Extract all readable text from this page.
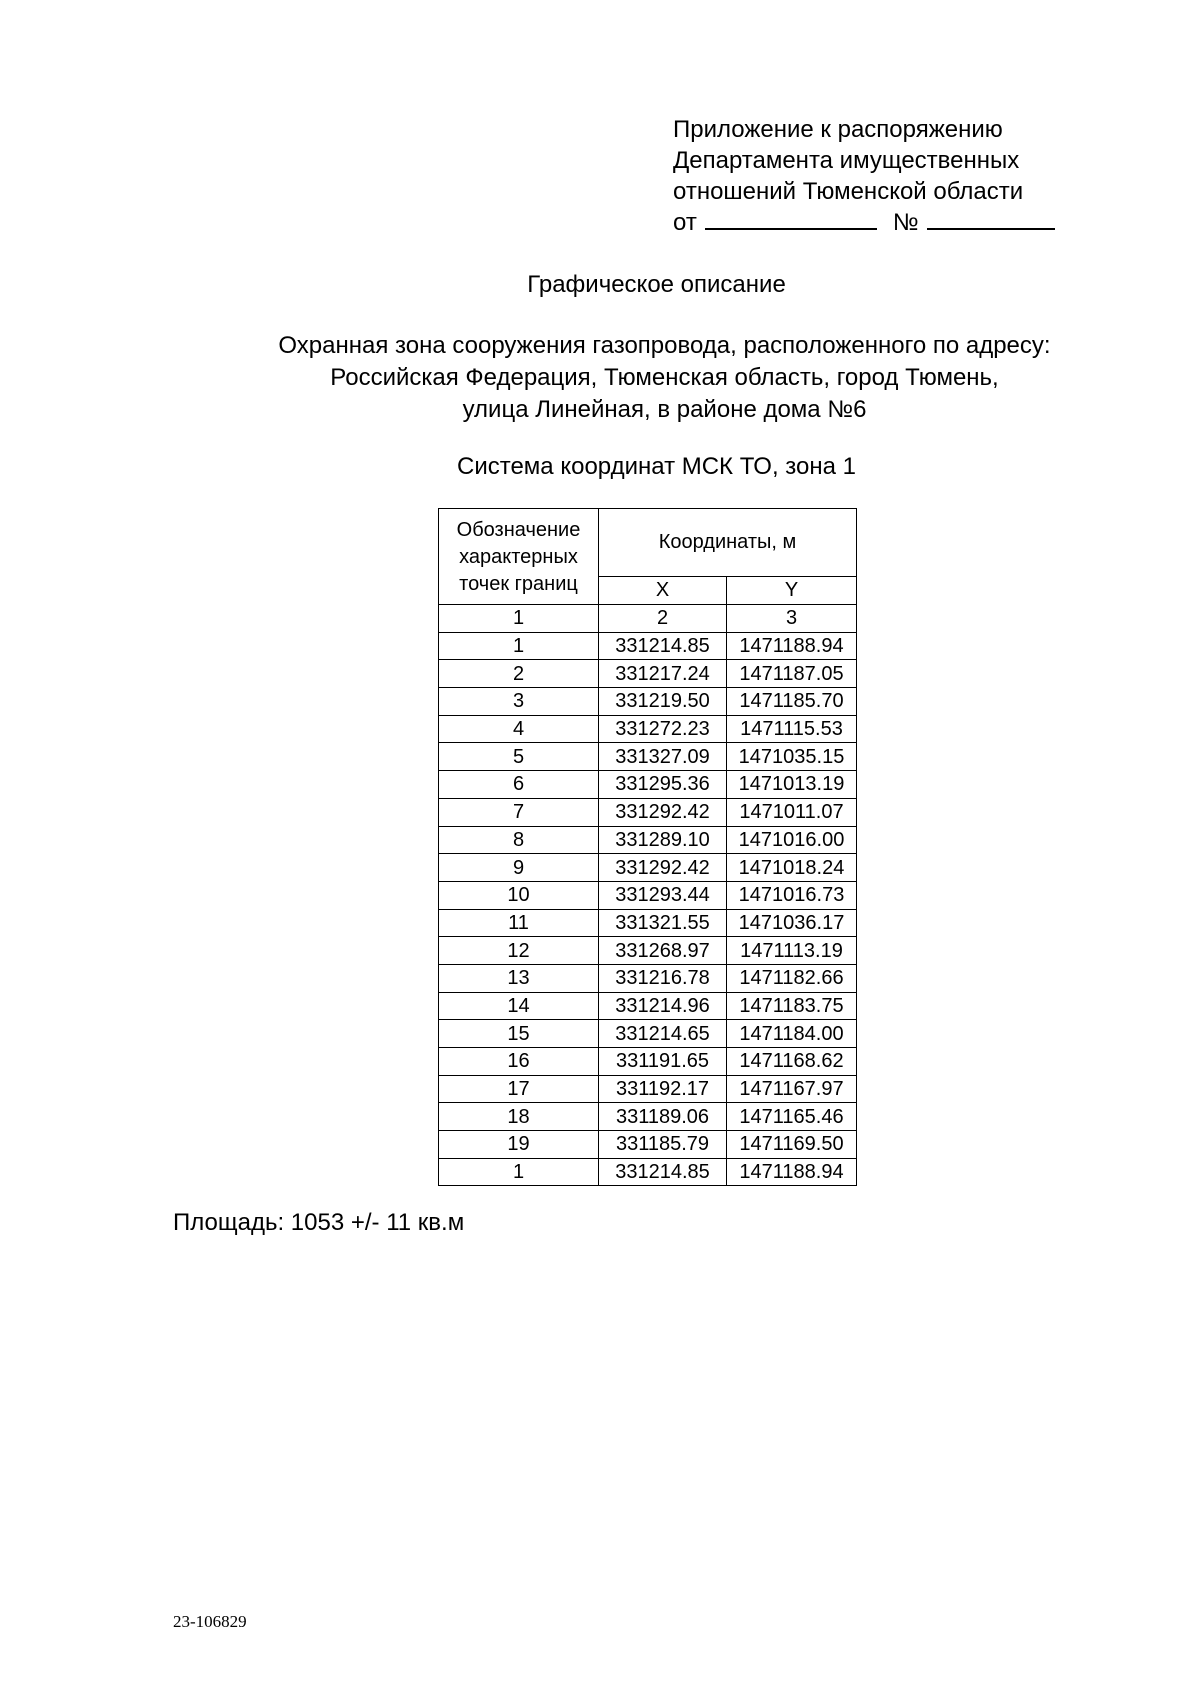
Приложение к распоряжению
Департамента имущественных
отношений Тюменской области
от	№
Графическое описание
Охранная зона сооружения газопровода, расположенного по адресу:
Российская Федерация, Тюменская область, город Тюмень,
улица Линейная, в районе дома №6
Система координат МСК ТО, зона 1
Обозначение характерных точек границ	Координаты, м	
	X	Y
1	2	3
1	331214.85	1471188.94
2	331217.24	1471187.05
3	331219.50	1471185.70
4	331272.23	1471115.53
5	331327.09	1471035.15
6	331295.36	1471013.19
7	331292.42	1471011.07
8	331289.10	1471016.00
9	331292.42	1471018.24
10	331293.44	1471016.73
11	331321.55	1471036.17
12	331268.97	1471113.19
13	331216.78	1471182.66
14	331214.96	1471183.75
15	331214.65	1471184.00
16	331191.65	1471168.62
17	331192.17	1471167.97
18	331189.06	1471165.46
19	331185.79	1471169.50
1	331214.85	1471188.94
Площадь: 1053 +/- 11 кв.м
23-106829
